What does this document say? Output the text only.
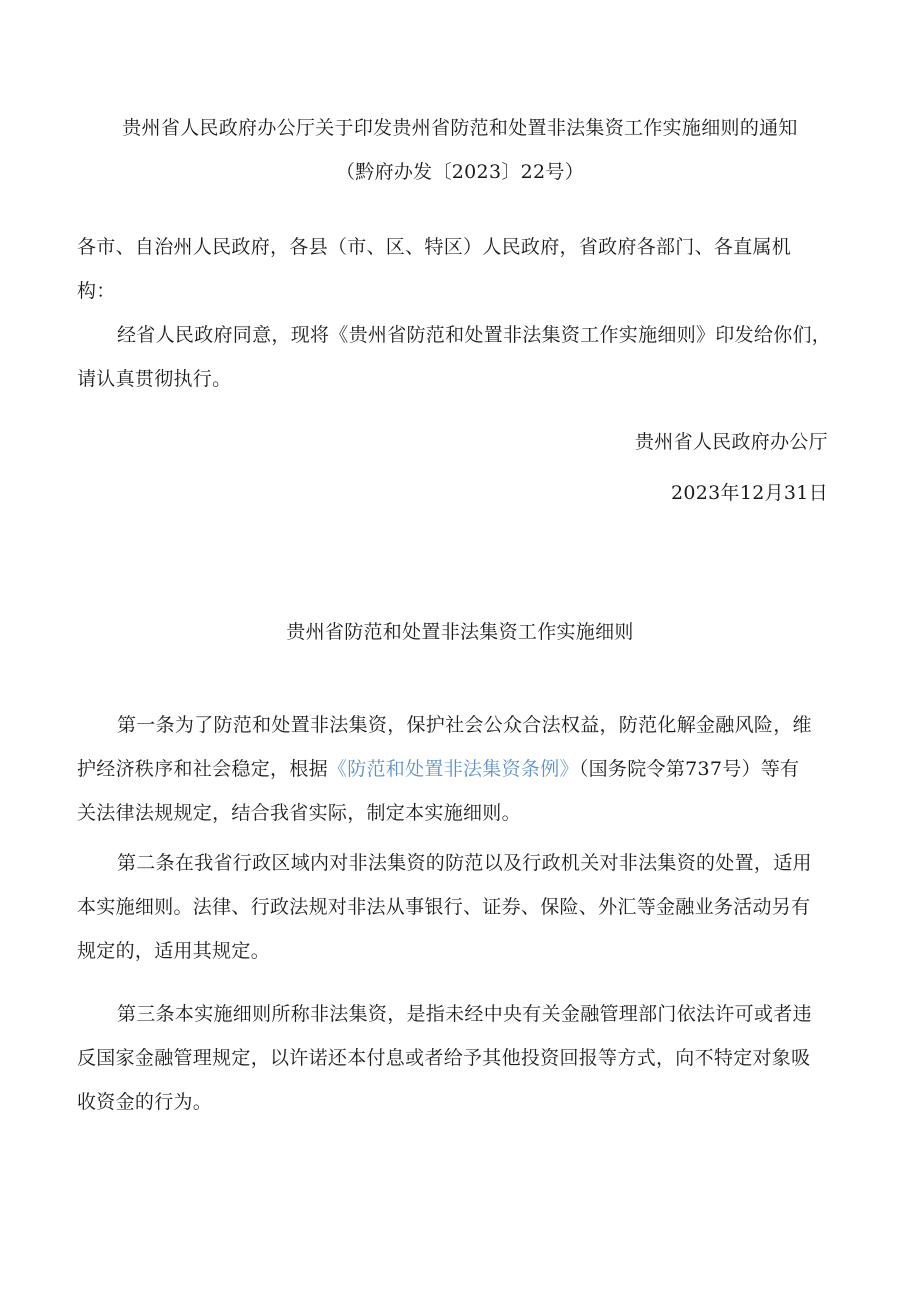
贵州省人民政府办公厅关于印发贵州省防范和处置非法集资工作实施细则的通知
（黔府办发〔2023〕22号）
各市、自治州人民政府，各县（市、区、特区）人民政府，省政府各部门、各直属机
构：
经省人民政府同意，现将《贵州省防范和处置非法集资工作实施细则》印发给你们，
请认真贯彻执行。
贵州省人民政府办公厅
2023年12月31日
贵州省防范和处置非法集资工作实施细则
第一条为了防范和处置非法集资，保护社会公众合法权益，防范化解金融风险，维
护经济秩序和社会稳定，根据《防范和处置非法集资条例》（国务院令第737号）等有
关法律法规规定，结合我省实际，制定本实施细则。
第二条在我省行政区域内对非法集资的防范以及行政机关对非法集资的处置，适用
本实施细则。法律、行政法规对非法从事银行、证券、保险、外汇等金融业务活动另有
规定的，适用其规定。
第三条本实施细则所称非法集资，是指未经中央有关金融管理部门依法许可或者违
反国家金融管理规定，以许诺还本付息或者给予其他投资回报等方式，向不特定对象吸
收资金的行为。
